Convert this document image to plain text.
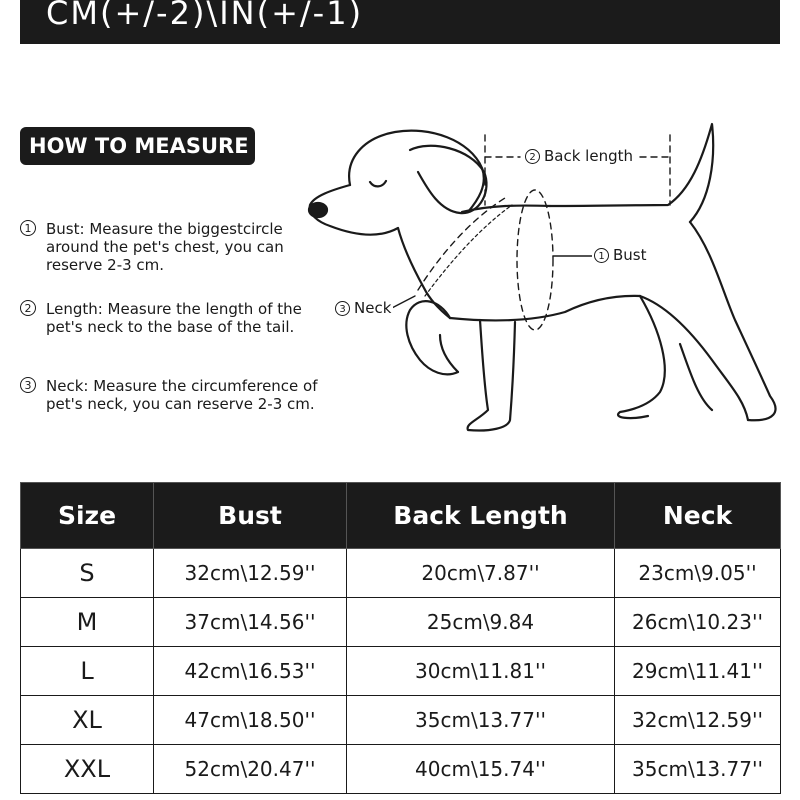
CM(+/-2)\IN(+/-1)
HOW TO MEASURE
1 Bust: Measure the biggestcircle around the pet's chest, you can reserve 2-3 cm.
2 Length: Measure the length of the pet's neck to the base of the tail.
3 Neck: Measure the circumference of pet's neck, you can reserve 2-3 cm.
2 Back length
1 Bust
3 Neck
Size	Bust	Back Length	Neck
S	32cm\12.59''	20cm\7.87''	23cm\9.05''
M	37cm\14.56''	25cm\9.84	26cm\10.23''
L	42cm\16.53''	30cm\11.81''	29cm\11.41''
XL	47cm\18.50''	35cm\13.77''	32cm\12.59''
XXL	52cm\20.47''	40cm\15.74''	35cm\13.77''
